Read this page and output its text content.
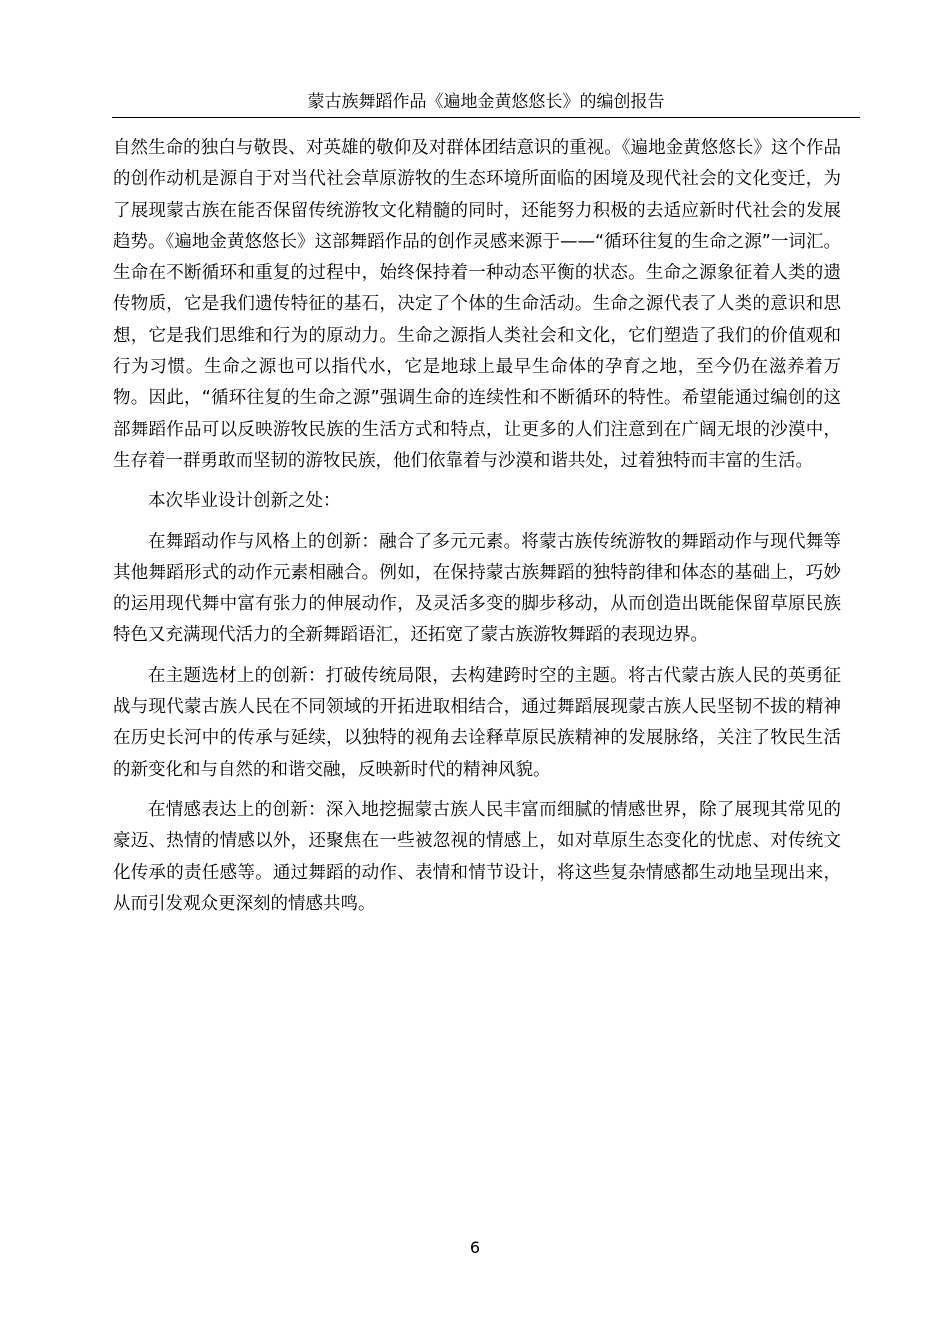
蒙古族舞蹈作品《遍地金黄悠悠长》的编创报告

自然生命的独白与敬畏、对英雄的敬仰及对群体团结意识的重视。《遍地金黄悠悠长》这个作品的创作动机是源自于对当代社会草原游牧的生态环境所面临的困境及现代社会的文化变迁，为了展现蒙古族在能否保留传统游牧文化精髓的同时，还能努力积极的去适应新时代社会的发展趋势。《遍地金黄悠悠长》这部舞蹈作品的创作灵感来源于——“循环往复的生命之源”一词汇。生命在不断循环和重复的过程中，始终保持着一种动态平衡的状态。生命之源象征着人类的遗传物质，它是我们遗传特征的基石，决定了个体的生命活动。生命之源代表了人类的意识和思想，它是我们思维和行为的原动力。生命之源指人类社会和文化，它们塑造了我们的价值观和行为习惯。生命之源也可以指代水，它是地球上最早生命体的孕育之地，至今仍在滋养着万物。因此，“循环往复的生命之源”强调生命的连续性和不断循环的特性。希望能通过编创的这部舞蹈作品可以反映游牧民族的生活方式和特点，让更多的人们注意到在广阔无垠的沙漠中，生存着一群勇敢而坚韧的游牧民族，他们依靠着与沙漠和谐共处，过着独特而丰富的生活。

本次毕业设计创新之处：

在舞蹈动作与风格上的创新：融合了多元元素。将蒙古族传统游牧的舞蹈动作与现代舞等其他舞蹈形式的动作元素相融合。例如，在保持蒙古族舞蹈的独特韵律和体态的基础上，巧妙的运用现代舞中富有张力的伸展动作，及灵活多变的脚步移动，从而创造出既能保留草原民族特色又充满现代活力的全新舞蹈语汇，还拓宽了蒙古族游牧舞蹈的表现边界。

在主题选材上的创新：打破传统局限，去构建跨时空的主题。将古代蒙古族人民的英勇征战与现代蒙古族人民在不同领域的开拓进取相结合，通过舞蹈展现蒙古族人民坚韧不拔的精神在历史长河中的传承与延续，以独特的视角去诠释草原民族精神的发展脉络，关注了牧民生活的新变化和与自然的和谐交融，反映新时代的精神风貌。

在情感表达上的创新：深入地挖掘蒙古族人民丰富而细腻的情感世界，除了展现其常见的豪迈、热情的情感以外，还聚焦在一些被忽视的情感上，如对草原生态变化的忧虑、对传统文化传承的责任感等。通过舞蹈的动作、表情和情节设计，将这些复杂情感都生动地呈现出来，从而引发观众更深刻的情感共鸣。

6
